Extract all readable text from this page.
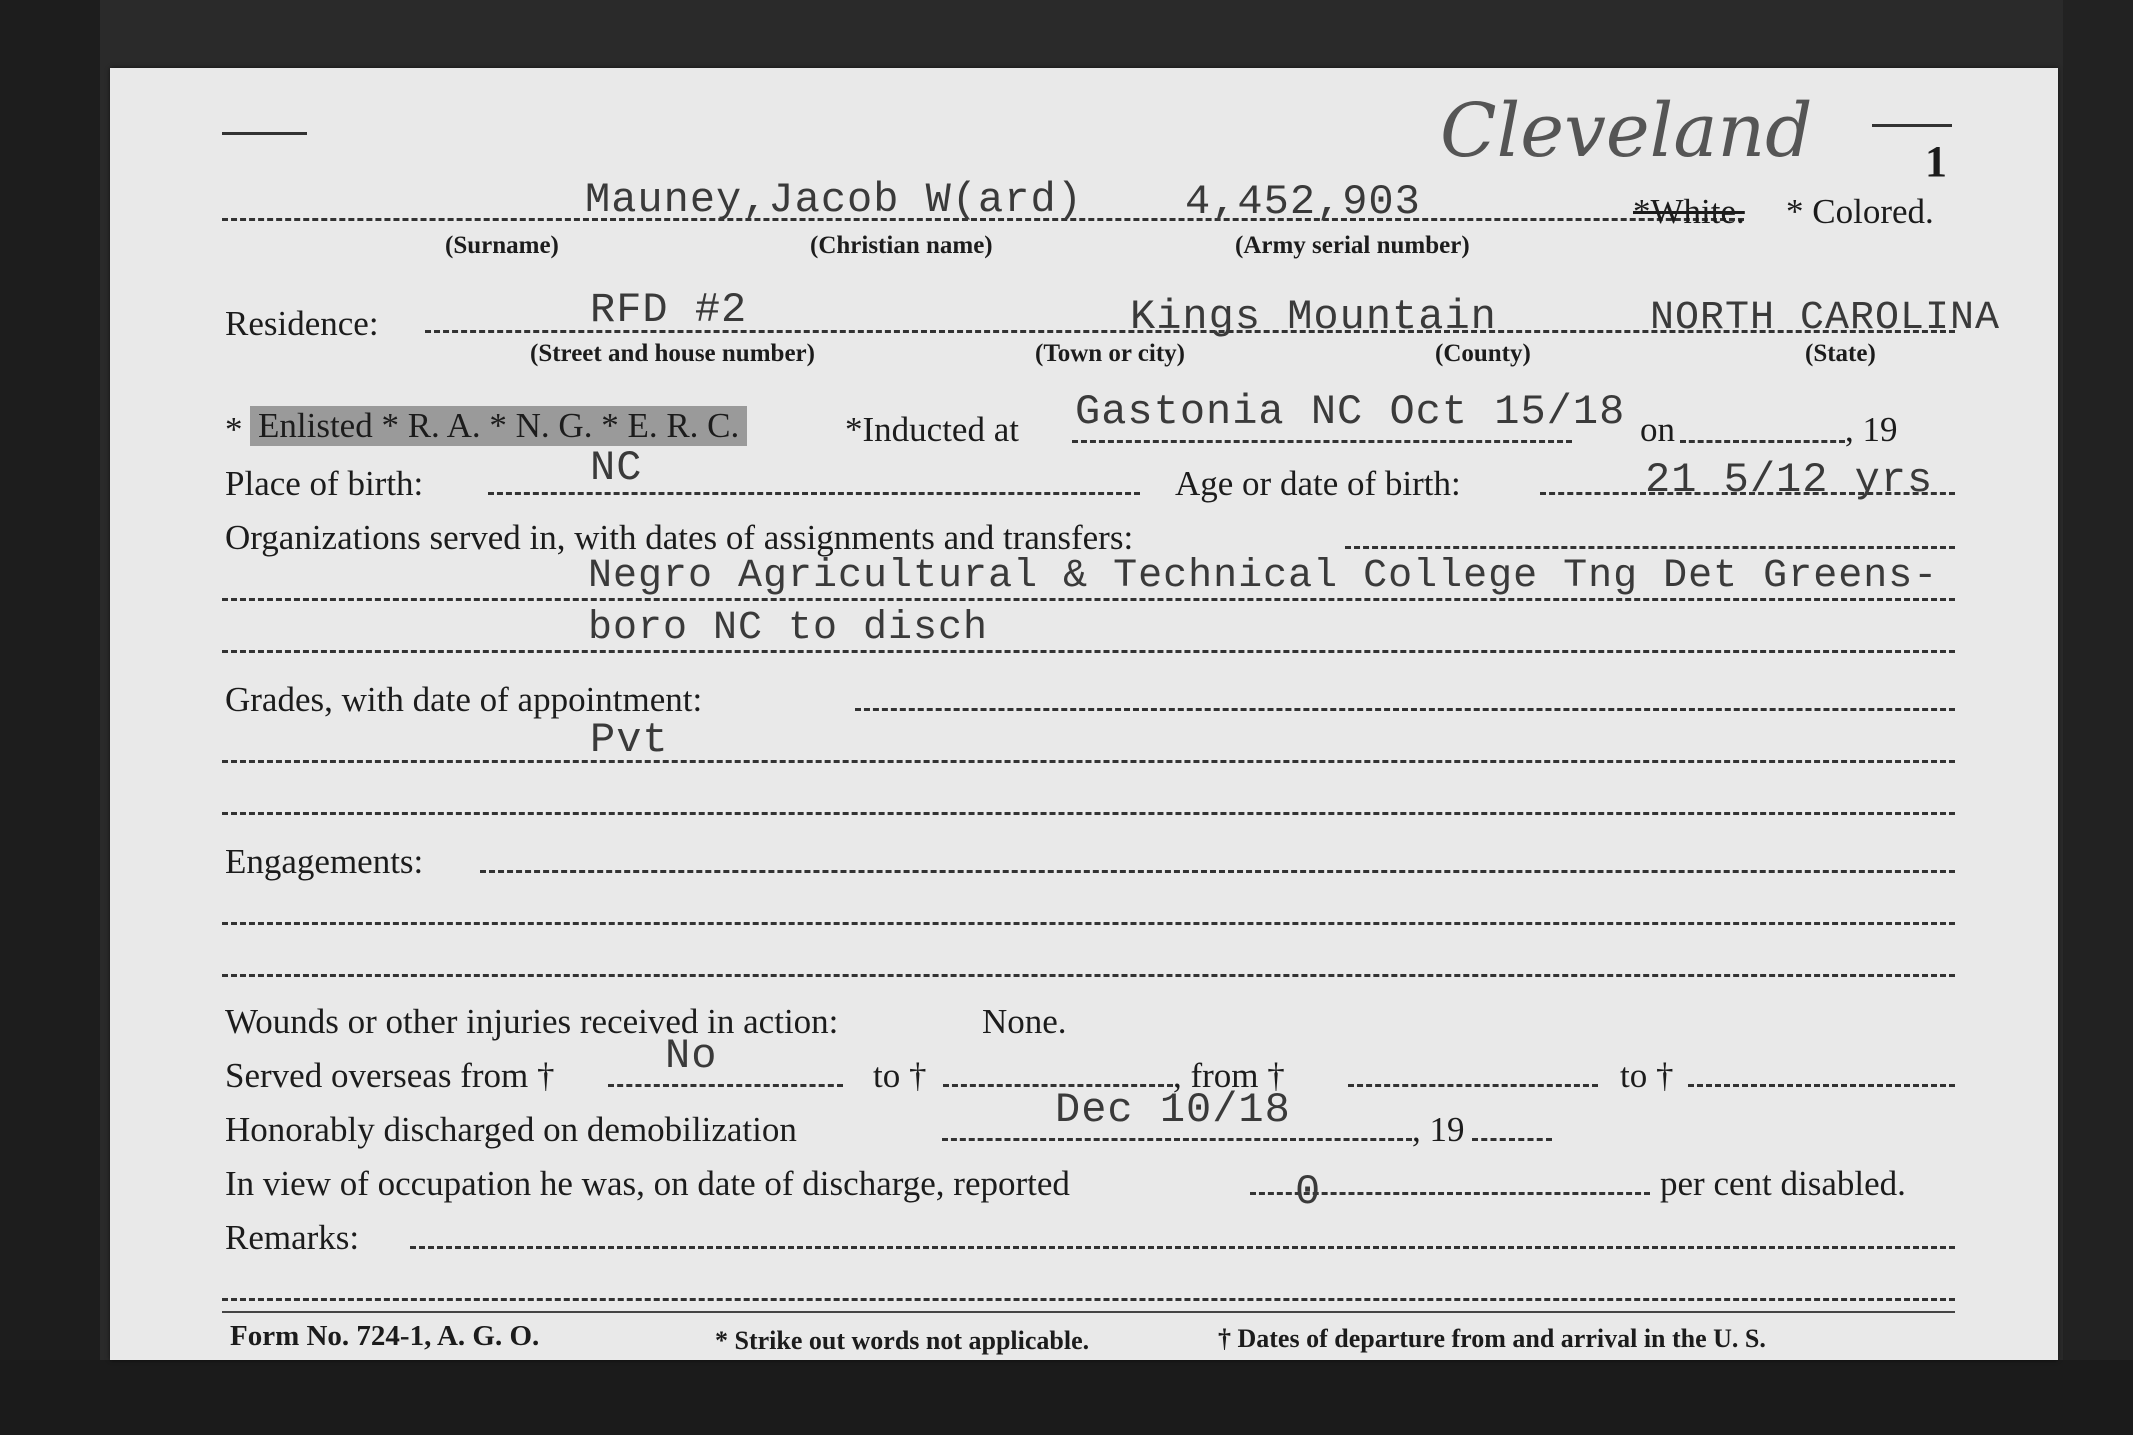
Cleveland	1
Mauney,Jacob W(ard) 4,452,903	*White. * Colored.
(Surname)	(Christian name)	(Army serial number)
Residence:	RFD #2	Kings Mountain	NORTH CAROLINA
(Street and house number)	(Town or city)	(County)	(State)
* Enlisted * R. A. * N. G. * E. R. C.	*Inducted at Gastonia NC Oct 15/18 on	, 19
Place of birth:	NC	Age or date of birth:	21 5/12 yrs
Organizations served in, with dates of assignments and transfers:
Negro Agricultural & Technical College Tng Det Greens-
boro NC to disch
Grades, with date of appointment:
Pvt
Engagements:
Wounds or other injuries received in action:	None.
Served overseas from †	No	to †	, from †	to †
Honorably discharged on demobilization	Dec 10/18	, 19
In view of occupation he was, on date of discharge, reported	0	per cent disabled.
Remarks:
Form No. 724-1, A. G. O.	* Strike out words not applicable.	† Dates of departure from and arrival in the U. S.
